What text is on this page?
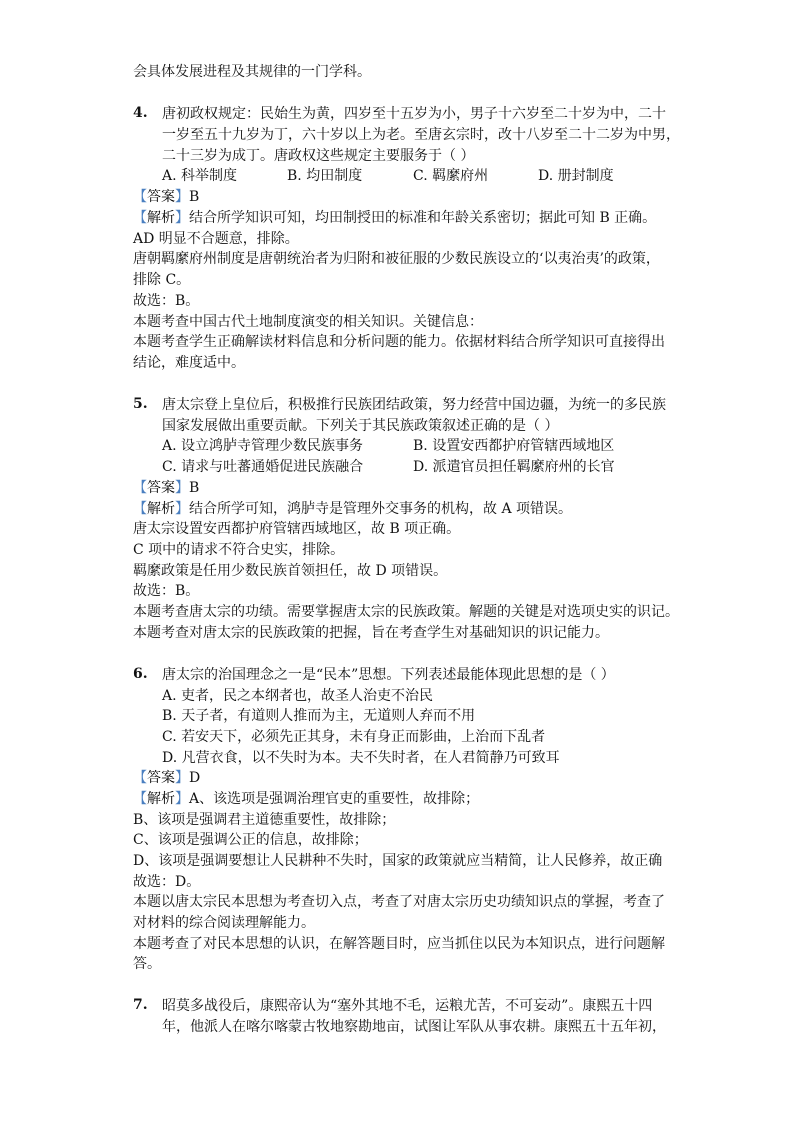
会具体发展进程及其规律的一门学科。
4. 唐初政权规定：民始生为黄，四岁至十五岁为小，男子十六岁至二十岁为中，二十
一岁至五十九岁为丁，六十岁以上为老。至唐玄宗时，改十八岁至二十二岁为中男，
二十三岁为成丁。唐政权这些规定主要服务于（ ）
A. 科举制度	B. 均田制度	C. 羁縻府州	D. 册封制度
【答案】B
【解析】结合所学知识可知，均田制授田的标准和年龄关系密切；据此可知 B 正确。
AD 明显不合题意，排除。
唐朝羁縻府州制度是唐朝统治者为归附和被征服的少数民族设立的‘以夷治夷’的政策，
排除 C。
故选：B。
本题考查中国古代土地制度演变的相关知识。关键信息：
本题考查学生正确解读材料信息和分析问题的能力。依据材料结合所学知识可直接得出
结论，难度适中。
5. 唐太宗登上皇位后，积极推行民族团结政策，努力经营中国边疆，为统一的多民族
国家发展做出重要贡献。下列关于其民族政策叙述正确的是（ ）
A. 设立鸿胪寺管理少数民族事务	B. 设置安西都护府管辖西域地区
C. 请求与吐蕃通婚促进民族融合	D. 派遣官员担任羁縻府州的长官
【答案】B
【解析】结合所学可知，鸿胪寺是管理外交事务的机构，故 A 项错误。
唐太宗设置安西都护府管辖西域地区，故 B 项正确。
C 项中的请求不符合史实，排除。
羁縻政策是任用少数民族首领担任，故 D 项错误。
故选：B。
本题考查唐太宗的功绩。需要掌握唐太宗的民族政策。解题的关键是对选项史实的识记。
本题考查对唐太宗的民族政策的把握，旨在考查学生对基础知识的识记能力。
6. 唐太宗的治国理念之一是“民本”思想。下列表述最能体现此思想的是（ ）
A. 吏者，民之本纲者也，故圣人治吏不治民
B. 天子者，有道则人推而为主，无道则人弃而不用
C. 若安天下，必须先正其身，未有身正而影曲，上治而下乱者
D. 凡营衣食，以不失时为本。夫不失时者，在人君简静乃可致耳
【答案】D
【解析】A、该选项是强调治理官吏的重要性，故排除；
B、该项是强调君主道德重要性，故排除；
C、该项是强调公正的信息，故排除；
D、该项是强调要想让人民耕种不失时，国家的政策就应当精简，让人民修养，故正确
故选：D。
本题以唐太宗民本思想为考查切入点，考查了对唐太宗历史功绩知识点的掌握，考查了
对材料的综合阅读理解能力。
本题考查了对民本思想的认识，在解答题目时，应当抓住以民为本知识点，进行问题解
答。
7. 昭莫多战役后，康熙帝认为“塞外其地不毛，运粮尤苦，不可妄动”。康熙五十四
年，他派人在喀尔喀蒙古牧地察勘地亩，试图让军队从事农耕。康熙五十五年初，
